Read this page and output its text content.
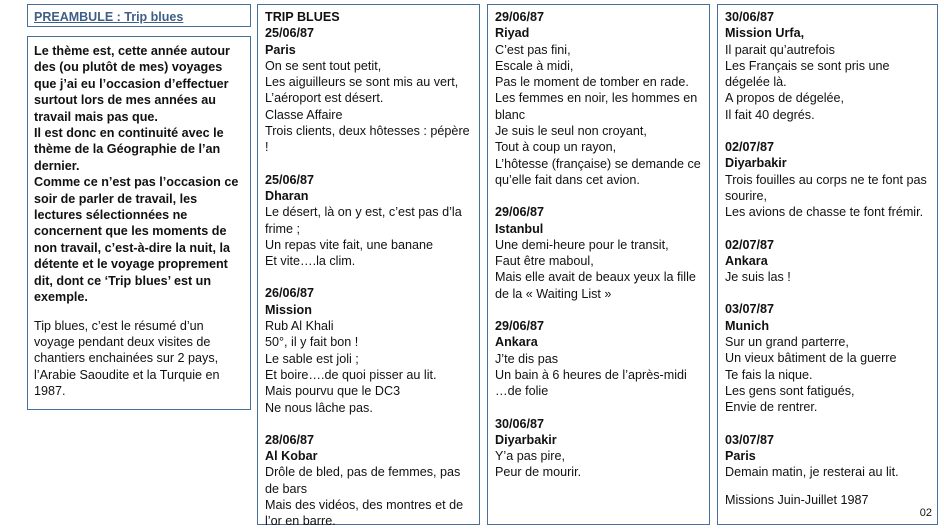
PREAMBULE : Trip blues
Le thème est, cette année autour des (ou plutôt de mes) voyages que j’ai eu l’occasion d’effectuer surtout lors de mes années au travail mais pas que.
Il est donc en continuité avec le thème de la Géographie de l’an dernier.
Comme ce n’est pas l’occasion ce soir de parler de travail, les lectures sélectionnées ne concernent que les moments de non travail, c’est-à-dire la nuit, la détente et le voyage proprement dit, dont ce ‘Trip blues’ est un exemple.
Tip blues, c’est le résumé d’un voyage pendant deux visites de chantiers enchainées sur 2 pays, l’Arabie Saoudite et la Turquie en 1987.
TRIP BLUES
25/06/87
Paris
On se sent tout petit,
Les aiguilleurs se sont mis au vert,
L’aéroport est désert.
Classe Affaire
Trois clients, deux hôtesses : pépère !
25/06/87
Dharan
Le désert, là on y est, c’est pas d’la frime ;
Un repas vite fait, une banane
Et vite….la clim.
26/06/87
Mission
Rub Al Khali
50°, il y fait bon !
Le sable est joli ;
Et boire….de quoi pisser au lit.
Mais pourvu que le DC3
Ne nous lâche pas.
28/06/87
Al Kobar
Drôle de bled, pas de femmes, pas de bars
Mais des vidéos, des montres et de l’or en barre.
29/06/87
Riyad
C’est pas fini,
Escale à midi,
Pas le moment de tomber en rade.
Les femmes en noir, les hommes en blanc
Je suis le seul non croyant,
Tout à coup un rayon,
L’hôtesse (française) se demande ce qu’elle fait dans cet avion.
29/06/87
Istanbul
Une demi-heure pour le transit,
Faut être maboul,
Mais elle avait de beaux yeux la fille de la « Waiting List »
29/06/87
Ankara
J’te dis pas
Un bain à 6 heures de l’après-midi
…de folie
30/06/87
Diyarbakir
Y’a pas pire,
Peur de mourir.
30/06/87
Mission Urfa,
Il parait qu’autrefois
Les Français se sont pris une dégelée là.
A propos de dégelée,
Il fait 40 degrés.
02/07/87
Diyarbakir
Trois fouilles au corps ne te font pas sourire,
Les avions de chasse te font frémir.
02/07/87
Ankara
Je suis las !
03/07/87
Munich
Sur un grand parterre,
Un vieux bâtiment de la guerre
Te fais la nique.
Les gens sont fatigués,
Envie de rentrer.
03/07/87
Paris
Demain matin, je resterai au lit.
Missions Juin-Juillet 1987
02
